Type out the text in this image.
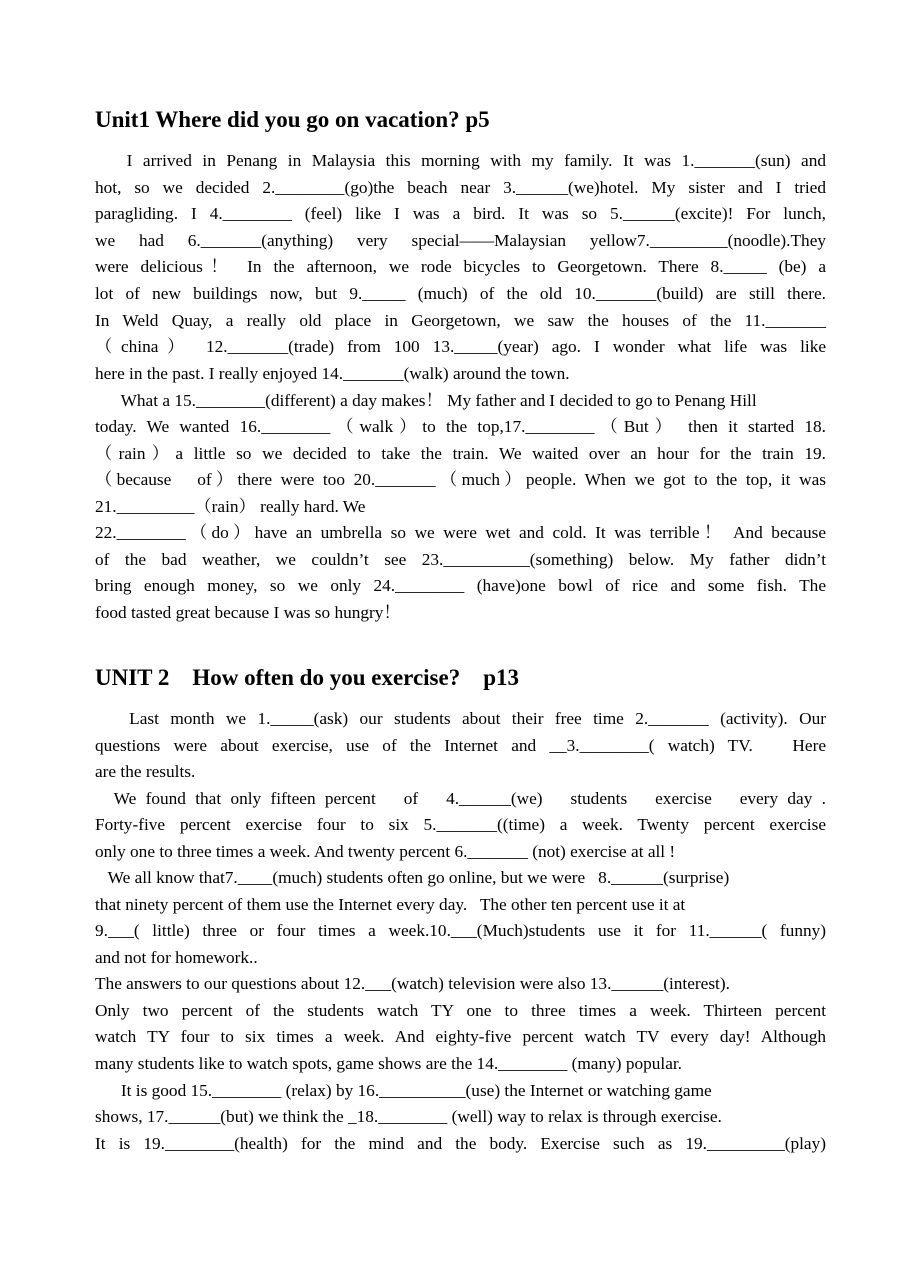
Unit1 Where did you go on vacation? p5
I arrived in Penang in Malaysia this morning with my family. It was 1._______(sun) and
hot, so we decided 2.________(go)the beach near 3.______(we)hotel. My sister and I tried
paragliding. I 4.________ (feel) like I was a bird. It was so 5.______(excite)! For lunch,
we had 6._______(anything) very special——Malaysian yellow7._________(noodle).They
were delicious！ In the afternoon, we rode bicycles to Georgetown. There 8._____ (be) a
lot of new buildings now, but 9._____ (much) of the old 10._______(build) are still there.
In Weld Quay, a really old place in Georgetown, we saw the houses of the 11._______
（china） 12._______(trade) from 100 13._____(year) ago. I wonder what life was like
here in the past. I really enjoyed 14._______(walk) around the town.
What a 15.________(different) a day makes！ My father and I decided to go to Penang Hill
today. We wanted 16.________（walk）to the top,17.________（But） then it started 18.
（rain）a little so we decided to take the train. We waited over an hour for the train 19.
（because   of）there were too 20._______（much）people. When we got to the top, it was
21._________（rain） really hard. We
22.________（do）have an umbrella so we were wet and cold. It was terrible！ And because
of the bad weather, we couldn’t see 23.__________(something) below. My father didn’t
bring enough money, so we only 24.________ (have)one bowl of rice and some fish. The
food tasted great because I was so hungry！
UNIT 2    How often do you exercise?    p13
Last month we 1._____(ask) our students about their free time 2._______ (activity). Our
questions were about exercise, use of the Internet and __3.________( watch) TV.   Here
are the results.
We found that only fifteen percent   of   4.______(we)   students   exercise   every day .
Forty-five percent exercise four to six 5._______((time) a week. Twenty percent exercise
only one to three times a week. And twenty percent 6._______ (not) exercise at all !
We all know that7.____(much) students often go online, but we were   8.______(surprise)
that ninety percent of them use the Internet every day.   The other ten percent use it at
9.___( little) three or four times a week.10.___(Much)students use it for 11.______( funny)
and not for homework..
The answers to our questions about 12.___(watch) television were also 13.______(interest).
Only two percent of the students watch TY one to three times a week. Thirteen percent
watch TY four to six times a week. And eighty-five percent watch TV every day! Although
many students like to watch spots, game shows are the 14.________ (many) popular.
It is good 15.________ (relax) by 16.__________(use) the Internet or watching game
shows, 17.______(but) we think the _18.________ (well) way to relax is through exercise.
It is 19.________(health) for the mind and the body. Exercise such as 19._________(play)
